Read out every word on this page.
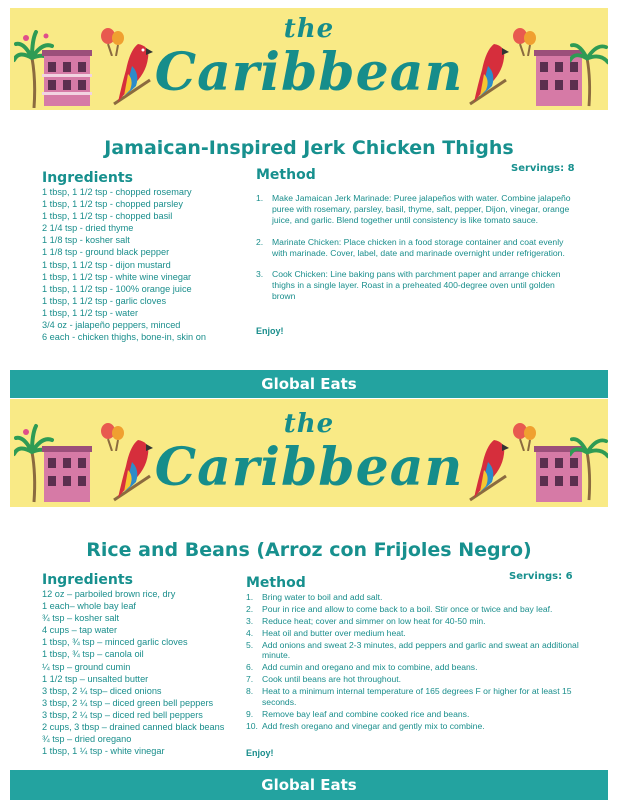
the
Caribbean
Jamaican-Inspired Jerk Chicken Thighs
Servings: 8
Ingredients	Method
1 tbsp, 1 1/2 tsp - chopped rosemary
1 tbsp, 1 1/2 tsp - chopped parsley
1 tbsp, 1 1/2 tsp - chopped basil
2 1/4 tsp - dried thyme
1 1/8 tsp - kosher salt
1 1/8 tsp - ground black pepper
1 tbsp, 1 1/2 tsp - dijon mustard
1 tbsp, 1 1/2 tsp - white wine vinegar
1 tbsp, 1 1/2 tsp - 100% orange juice
1 tbsp, 1 1/2 tsp - garlic cloves
1 tbsp, 1 1/2 tsp - water
3/4 oz - jalapeño peppers, minced
6 each - chicken thighs, bone-in, skin on
1.	Make Jamaican Jerk Marinade: Puree jalapeños with water. Combine jalapeño puree with rosemary, parsley, basil, thyme, salt, pepper, Dijon, vinegar, orange juice, and garlic. Blend together until consistency is like tomato sauce.
2.	Marinate Chicken: Place chicken in a food storage container and coat evenly with marinade. Cover, label, date and marinade overnight under refrigeration.
3.	Cook Chicken: Line baking pans with parchment paper and arrange chicken thighs in a single layer. Roast in a preheated 400-degree oven until golden brown
Enjoy!
Global Eats
the
Caribbean
Rice and Beans (Arroz con Frijoles Negro)
Servings: 6
Ingredients	Method
12 oz – parboiled brown rice, dry
1 each– whole bay leaf
¾ tsp – kosher salt
4 cups – tap water
1 tbsp, ¾ tsp – minced garlic cloves
1 tbsp, ¾ tsp – canola oil
¼ tsp – ground cumin
1 1/2 tsp – unsalted butter
3 tbsp, 2 ¼ tsp– diced onions
3 tbsp, 2 ¼ tsp – diced green bell peppers
3 tbsp, 2 ¼ tsp – diced red bell peppers
2 cups, 3 tbsp – drained canned black beans
¾ tsp – dried oregano
1 tbsp, 1 ¼ tsp - white vinegar
1.	Bring water to boil and add salt.
2.	Pour in rice and allow to come back to a boil. Stir once or twice and bay leaf.
3.	Reduce heat; cover and simmer on low heat for 40-50 min.
4.	Heat oil and butter over medium heat.
5.	Add onions and sweat 2-3 minutes, add peppers and garlic and sweat an additional minute.
6.	Add cumin and oregano and mix to combine, add beans.
7.	Cook until beans are hot throughout.
8.	Heat to a minimum internal temperature of 165 degrees F or higher for at least 15 seconds.
9.	Remove bay leaf and combine cooked rice and beans.
10. Add fresh oregano and vinegar and gently mix to combine.
Enjoy!
Global Eats
